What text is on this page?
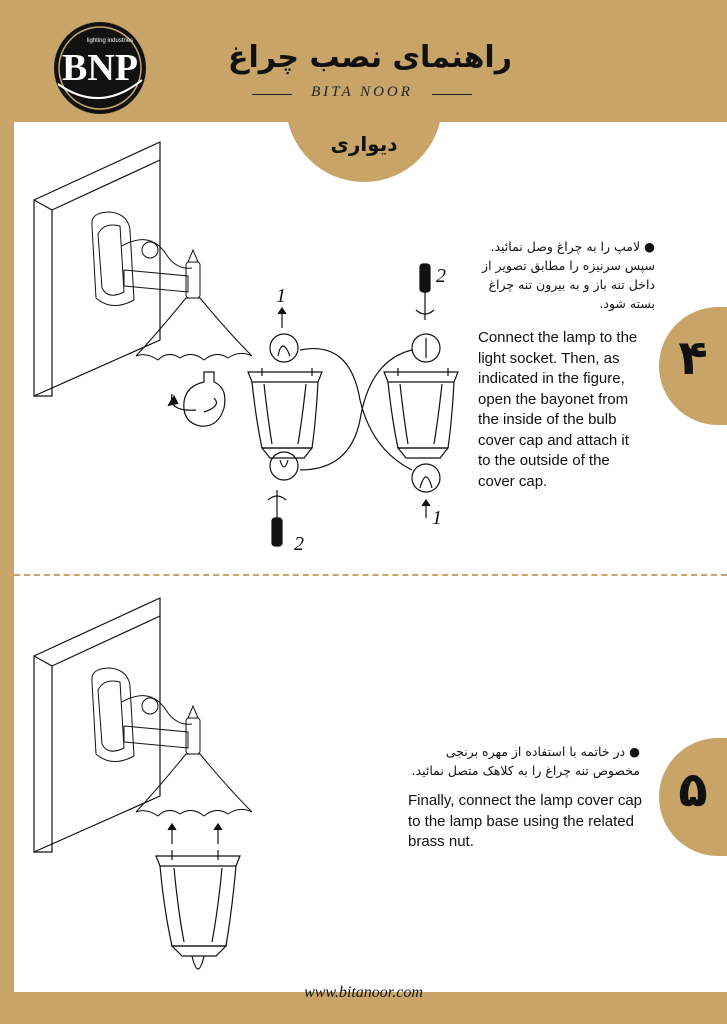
BNP
lighting industries	راهنمای نصب چراغ
BITA NOOR
دیواری
۴
۵
● لامپ را به چراغ وصل نمائید. سپس سرنیزه را مطابق تصویر از داخل تنه باز و به بیرون تنه چراغ بسته شود.
Connect the lamp to the light socket. Then, as indicated in the figure, open the bayonet from the inside of the bulb cover cap and attach it to the outside of the cover cap.
● در خاتمه با استفاده از مهره برنجی مخصوص تنه چراغ را به کلاهک متصل نمائید.
Finally, connect the lamp cover cap to the lamp base using the related brass nut.
www.bitanoor.com
1
2
1
2
